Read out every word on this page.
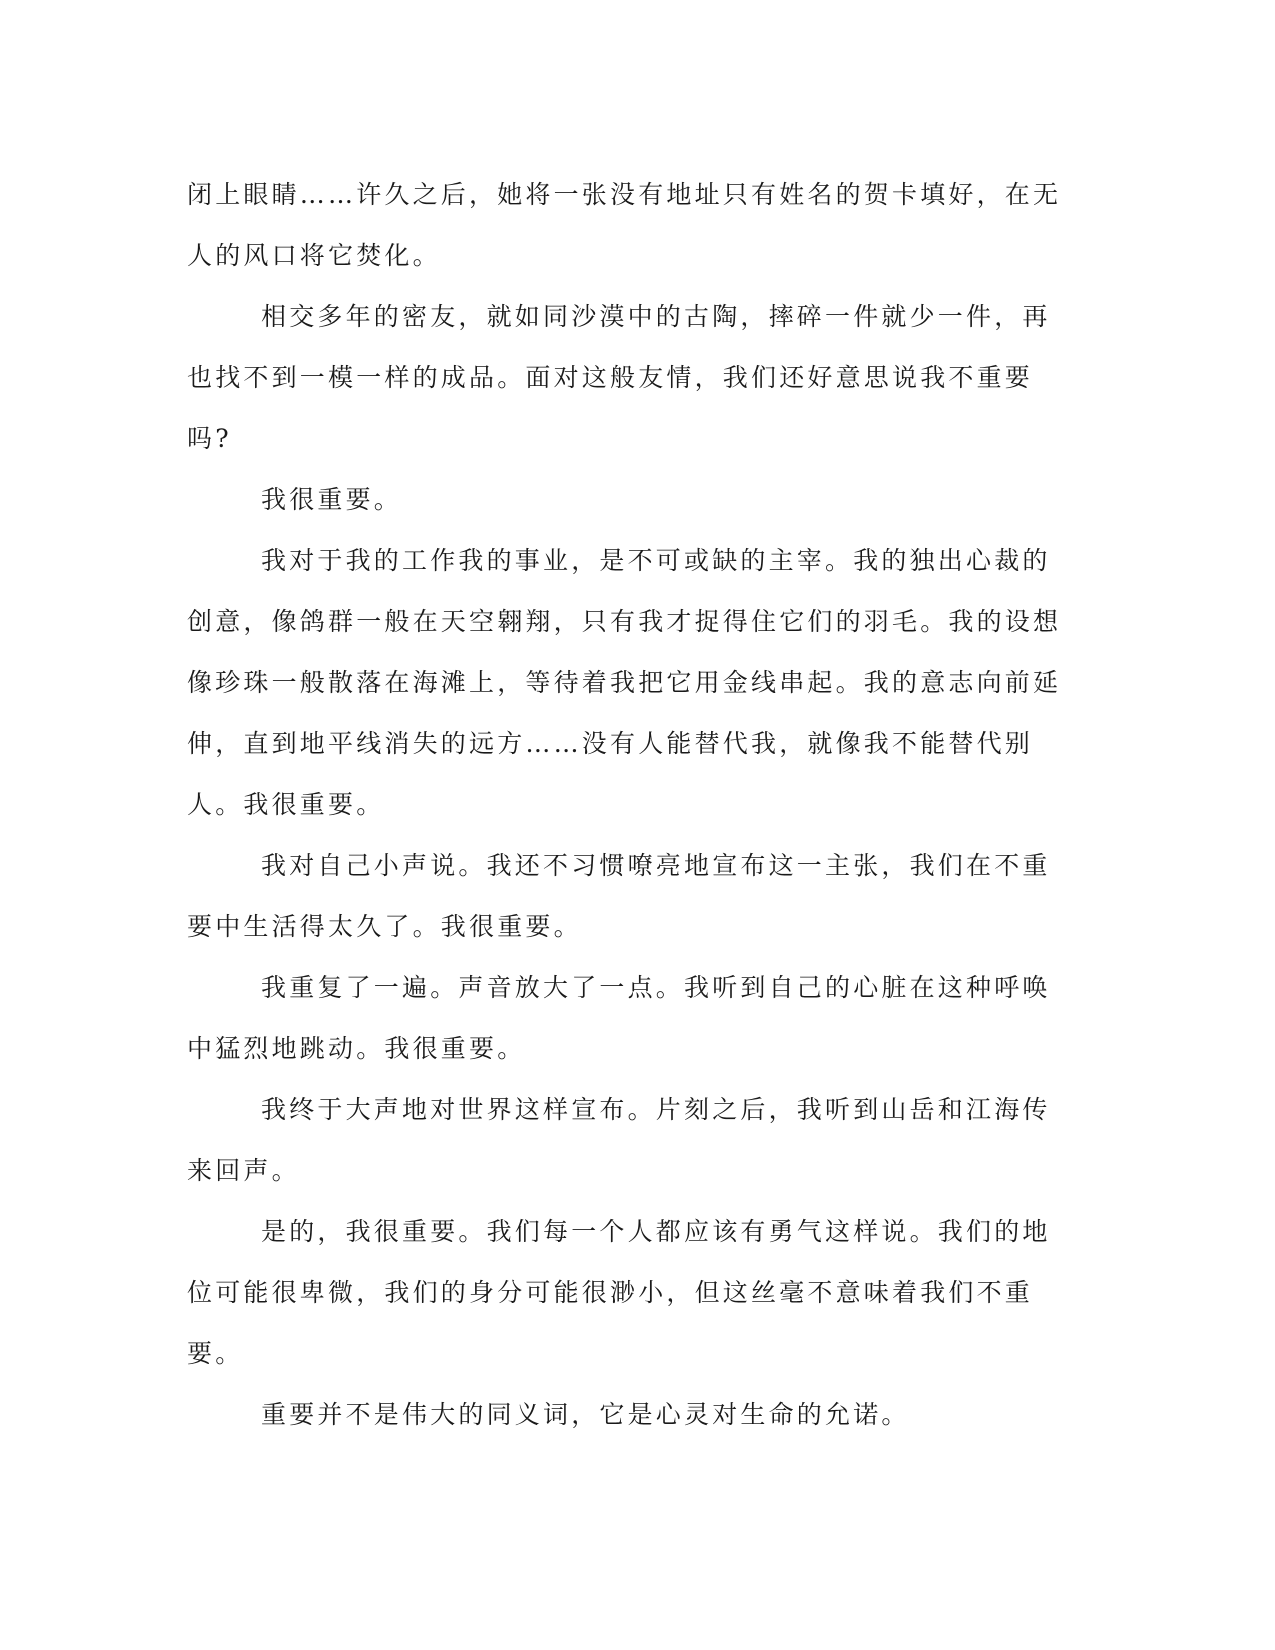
闭上眼睛……许久之后，她将一张没有地址只有姓名的贺卡填好，在无人的风口将它焚化。

相交多年的密友，就如同沙漠中的古陶，摔碎一件就少一件，再也找不到一模一样的成品。面对这般友情，我们还好意思说我不重要吗?

我很重要。

我对于我的工作我的事业，是不可或缺的主宰。我的独出心裁的创意，像鸽群一般在天空翱翔，只有我才捉得住它们的羽毛。我的设想像珍珠一般散落在海滩上，等待着我把它用金线串起。我的意志向前延伸，直到地平线消失的远方……没有人能替代我，就像我不能替代别人。我很重要。

我对自己小声说。我还不习惯嘹亮地宣布这一主张，我们在不重要中生活得太久了。我很重要。

我重复了一遍。声音放大了一点。我听到自己的心脏在这种呼唤中猛烈地跳动。我很重要。

我终于大声地对世界这样宣布。片刻之后，我听到山岳和江海传来回声。

是的，我很重要。我们每一个人都应该有勇气这样说。我们的地位可能很卑微，我们的身分可能很渺小，但这丝毫不意味着我们不重要。

重要并不是伟大的同义词，它是心灵对生命的允诺。
